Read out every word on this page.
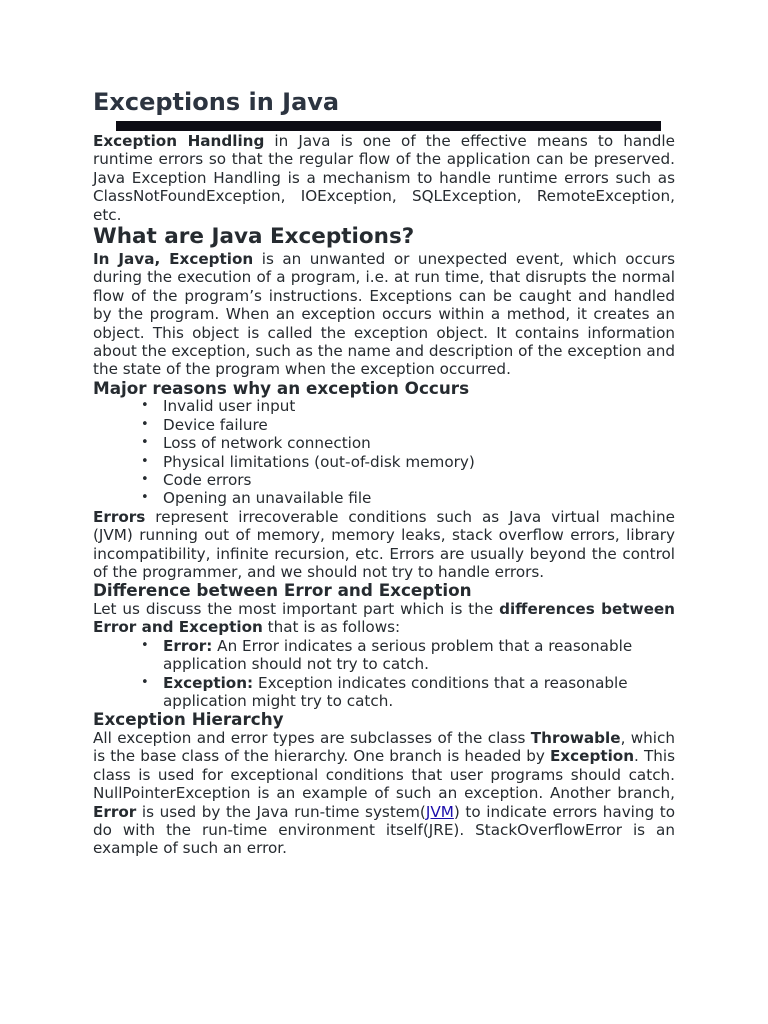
Exceptions in Java

Exception Handling in Java is one of the effective means to handle runtime errors so that the regular flow of the application can be preserved. Java Exception Handling is a mechanism to handle runtime errors such as ClassNotFoundException, IOException, SQLException, RemoteException, etc.

What are Java Exceptions?

In Java, Exception is an unwanted or unexpected event, which occurs during the execution of a program, i.e. at run time, that disrupts the normal flow of the program’s instructions. Exceptions can be caught and handled by the program. When an exception occurs within a method, it creates an object. This object is called the exception object. It contains information about the exception, such as the name and description of the exception and the state of the program when the exception occurred.

Major reasons why an exception Occurs
• Invalid user input
• Device failure
• Loss of network connection
• Physical limitations (out-of-disk memory)
• Code errors
• Opening an unavailable file

Errors represent irrecoverable conditions such as Java virtual machine (JVM) running out of memory, memory leaks, stack overflow errors, library incompatibility, infinite recursion, etc. Errors are usually beyond the control of the programmer, and we should not try to handle errors.

Difference between Error and Exception

Let us discuss the most important part which is the differences between Error and Exception that is as follows:

• Error: An Error indicates a serious problem that a reasonable application should not try to catch.
• Exception: Exception indicates conditions that a reasonable application might try to catch.
Exception Hierarchy

All exception and error types are subclasses of the class Throwable, which is the base class of the hierarchy. One branch is headed by Exception. This class is used for exceptional conditions that user programs should catch. NullPointerException is an example of such an exception. Another branch, Error is used by the Java run-time system(JVM) to indicate errors having to do with the run-time environment itself(JRE). StackOverflowError is an example of such an error.
